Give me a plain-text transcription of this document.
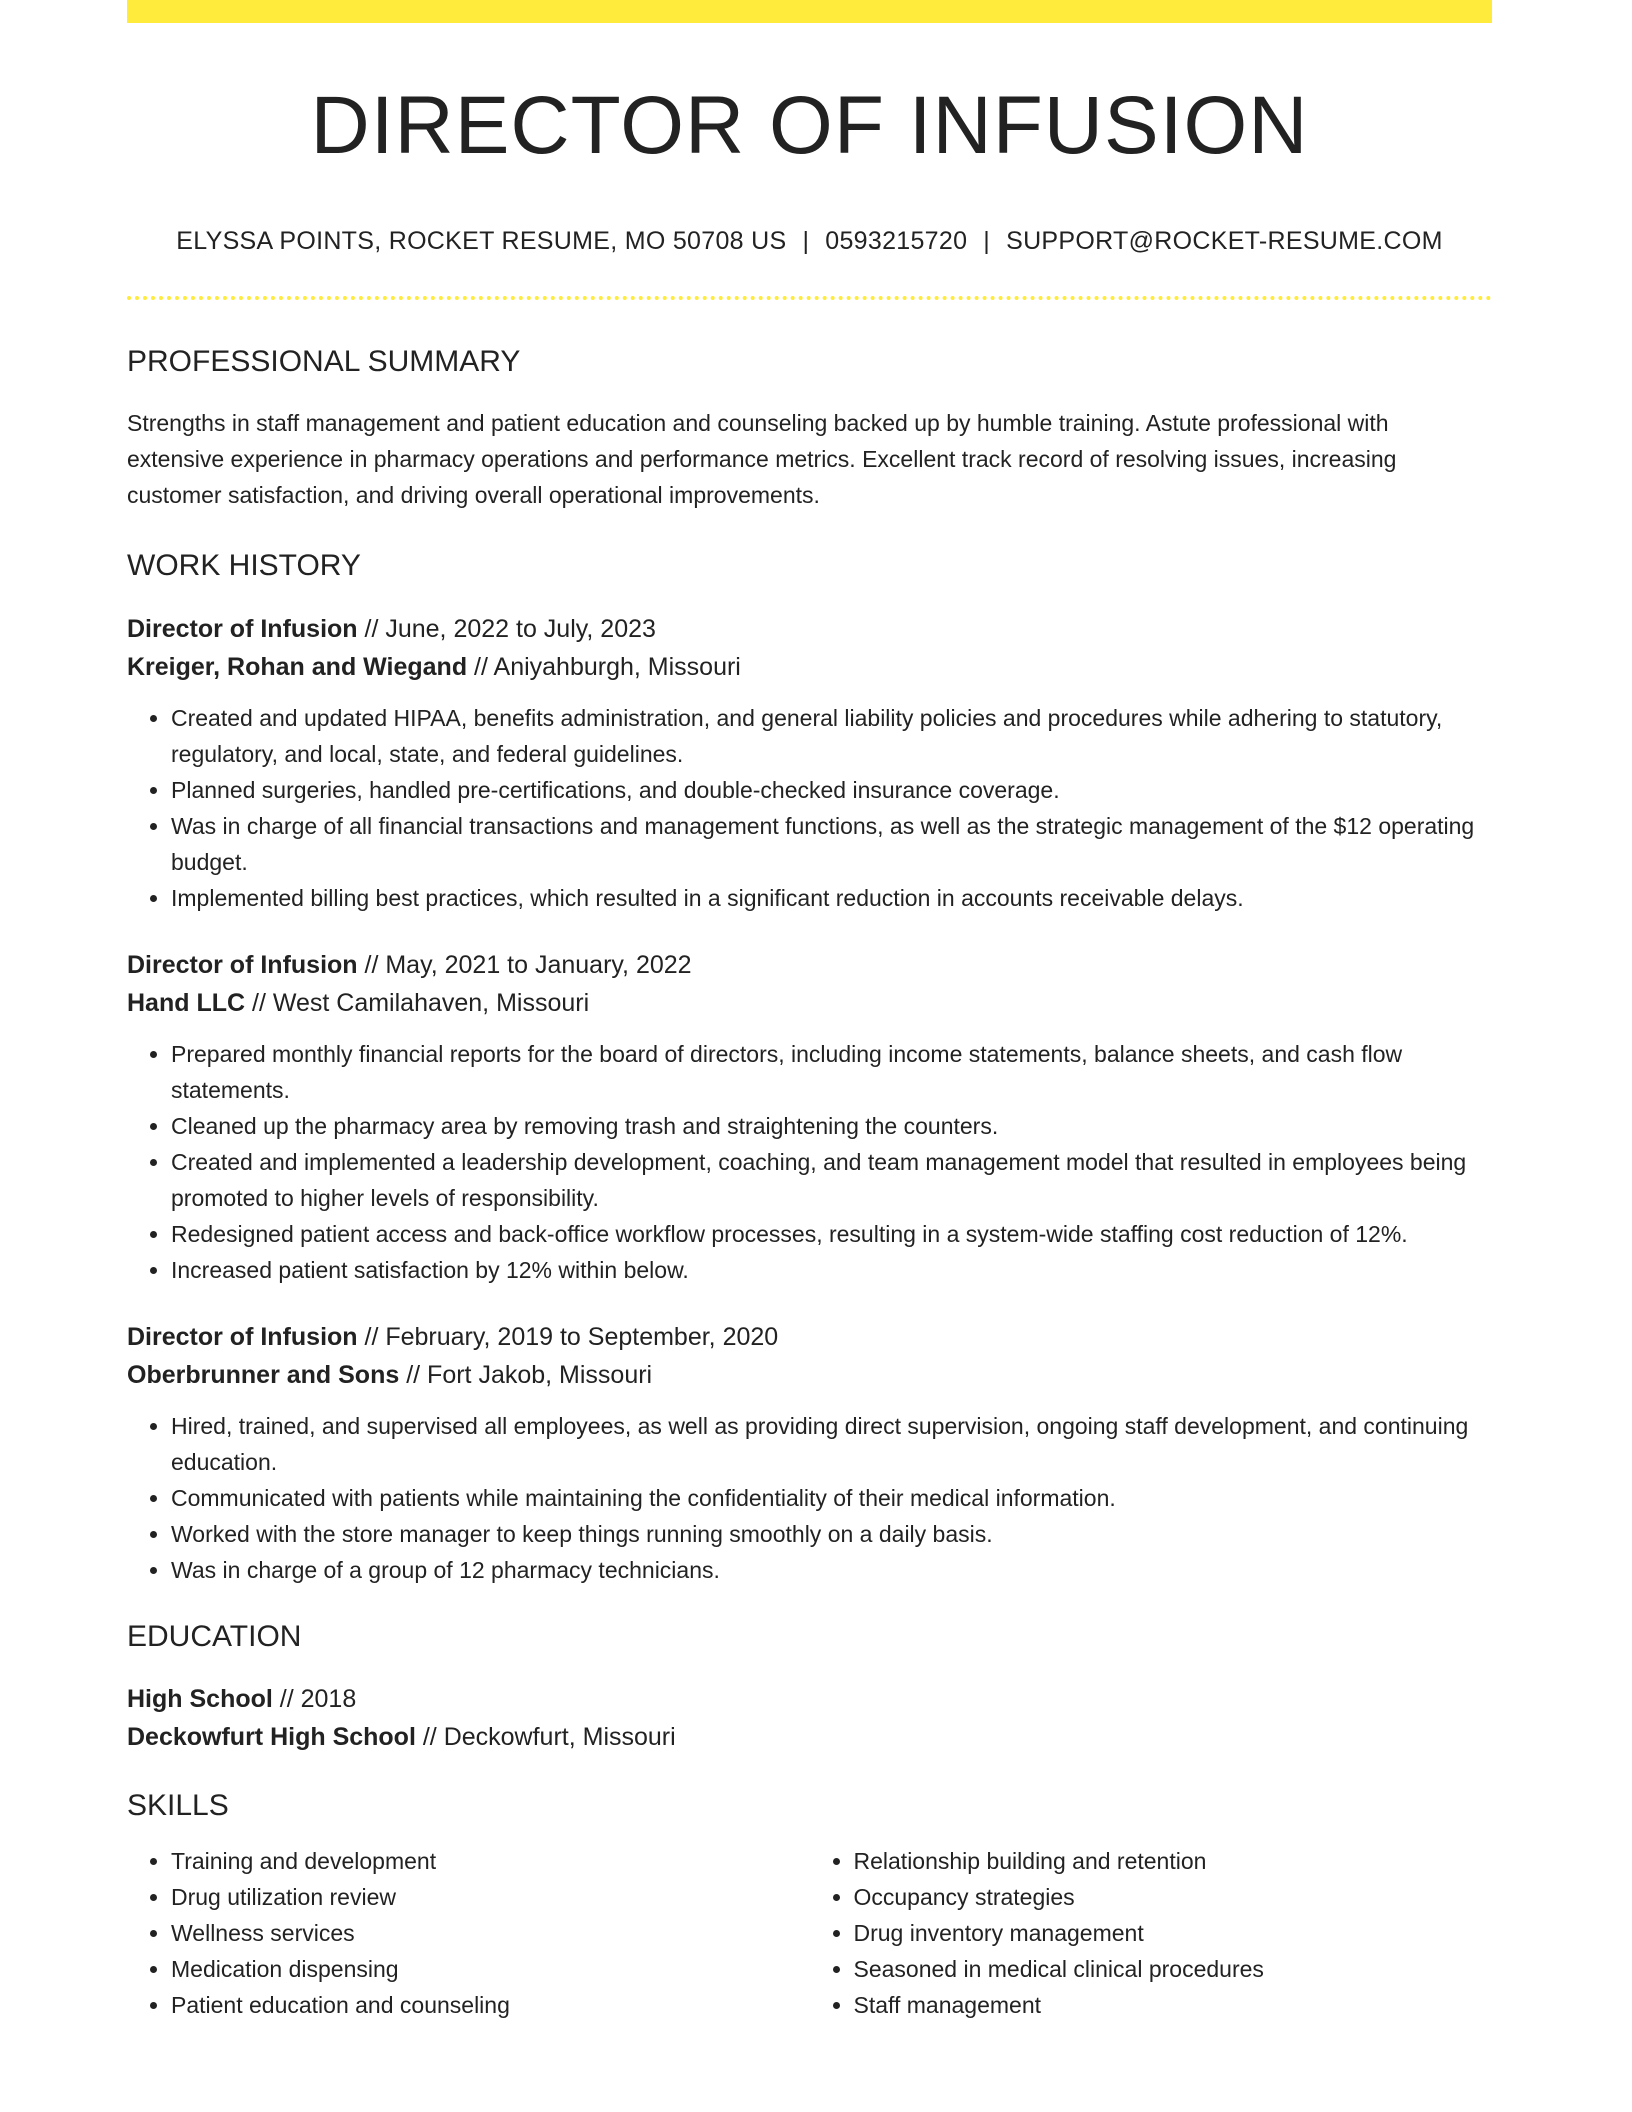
DIRECTOR OF INFUSION
ELYSSA POINTS, ROCKET RESUME, MO 50708 US | 0593215720 | SUPPORT@ROCKET-RESUME.COM
PROFESSIONAL SUMMARY

Strengths in staff management and patient education and counseling backed up by humble training. Astute professional with extensive experience in pharmacy operations and performance metrics. Excellent track record of resolving issues, increasing customer satisfaction, and driving overall operational improvements.

WORK HISTORY
Director of Infusion // June, 2022 to July, 2023
Kreiger, Rohan and Wiegand // Aniyahburgh, Missouri
• Created and updated HIPAA, benefits administration, and general liability policies and procedures while adhering to statutory, regulatory, and local, state, and federal guidelines.
• Planned surgeries, handled pre-certifications, and double-checked insurance coverage.
• Was in charge of all financial transactions and management functions, as well as the strategic management of the $12 operating budget.
• Implemented billing best practices, which resulted in a significant reduction in accounts receivable delays.
Director of Infusion // May, 2021 to January, 2022
Hand LLC // West Camilahaven, Missouri
• Prepared monthly financial reports for the board of directors, including income statements, balance sheets, and cash flow statements.
• Cleaned up the pharmacy area by removing trash and straightening the counters.
• Created and implemented a leadership development, coaching, and team management model that resulted in employees being promoted to higher levels of responsibility.
• Redesigned patient access and back-office workflow processes, resulting in a system-wide staffing cost reduction of 12%.
• Increased patient satisfaction by 12% within below.
Director of Infusion // February, 2019 to September, 2020
Oberbrunner and Sons // Fort Jakob, Missouri
• Hired, trained, and supervised all employees, as well as providing direct supervision, ongoing staff development, and continuing education.
• Communicated with patients while maintaining the confidentiality of their medical information.
• Worked with the store manager to keep things running smoothly on a daily basis.
• Was in charge of a group of 12 pharmacy technicians.
EDUCATION
High School // 2018
Deckowfurt High School // Deckowfurt, Missouri
SKILLS
• Training and development
• Drug utilization review
• Wellness services
• Medication dispensing
• Patient education and counseling
• Relationship building and retention
• Occupancy strategies
• Drug inventory management
• Seasoned in medical clinical procedures
• Staff management
